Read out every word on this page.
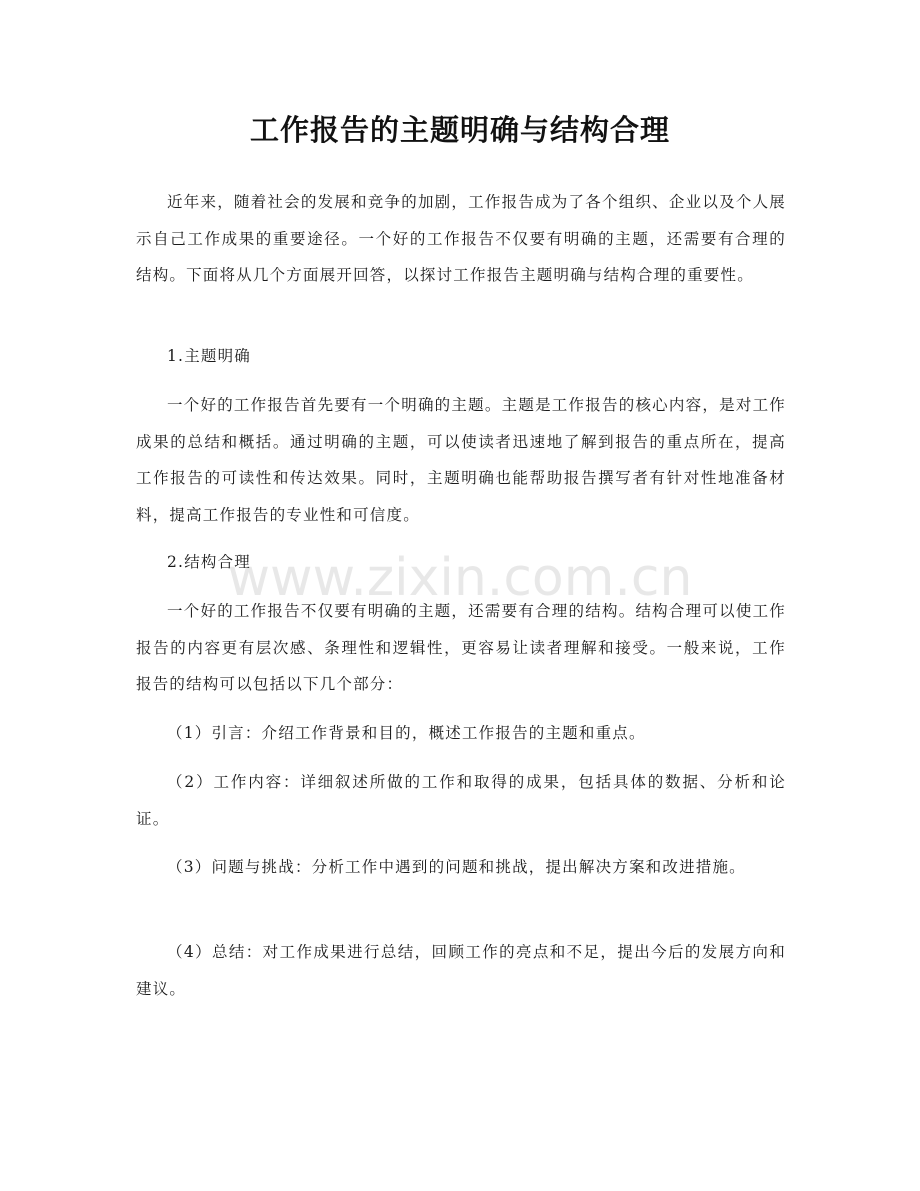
工作报告的主题明确与结构合理

近年来，随着社会的发展和竞争的加剧，工作报告成为了各个组织、企业以及个人展示自己工作成果的重要途径。一个好的工作报告不仅要有明确的主题，还需要有合理的结构。下面将从几个方面展开回答，以探讨工作报告主题明确与结构合理的重要性。

1.主题明确

一个好的工作报告首先要有一个明确的主题。主题是工作报告的核心内容，是对工作成果的总结和概括。通过明确的主题，可以使读者迅速地了解到报告的重点所在，提高工作报告的可读性和传达效果。同时，主题明确也能帮助报告撰写者有针对性地准备材料，提高工作报告的专业性和可信度。

2.结构合理

一个好的工作报告不仅要有明确的主题，还需要有合理的结构。结构合理可以使工作报告的内容更有层次感、条理性和逻辑性，更容易让读者理解和接受。一般来说，工作报告的结构可以包括以下几个部分：

（1）引言：介绍工作背景和目的，概述工作报告的主题和重点。

（2）工作内容：详细叙述所做的工作和取得的成果，包括具体的数据、分析和论证。

（3）问题与挑战：分析工作中遇到的问题和挑战，提出解决方案和改进措施。

（4）总结：对工作成果进行总结，回顾工作的亮点和不足，提出今后的发展方向和建议。

www.zixin.com.cn
